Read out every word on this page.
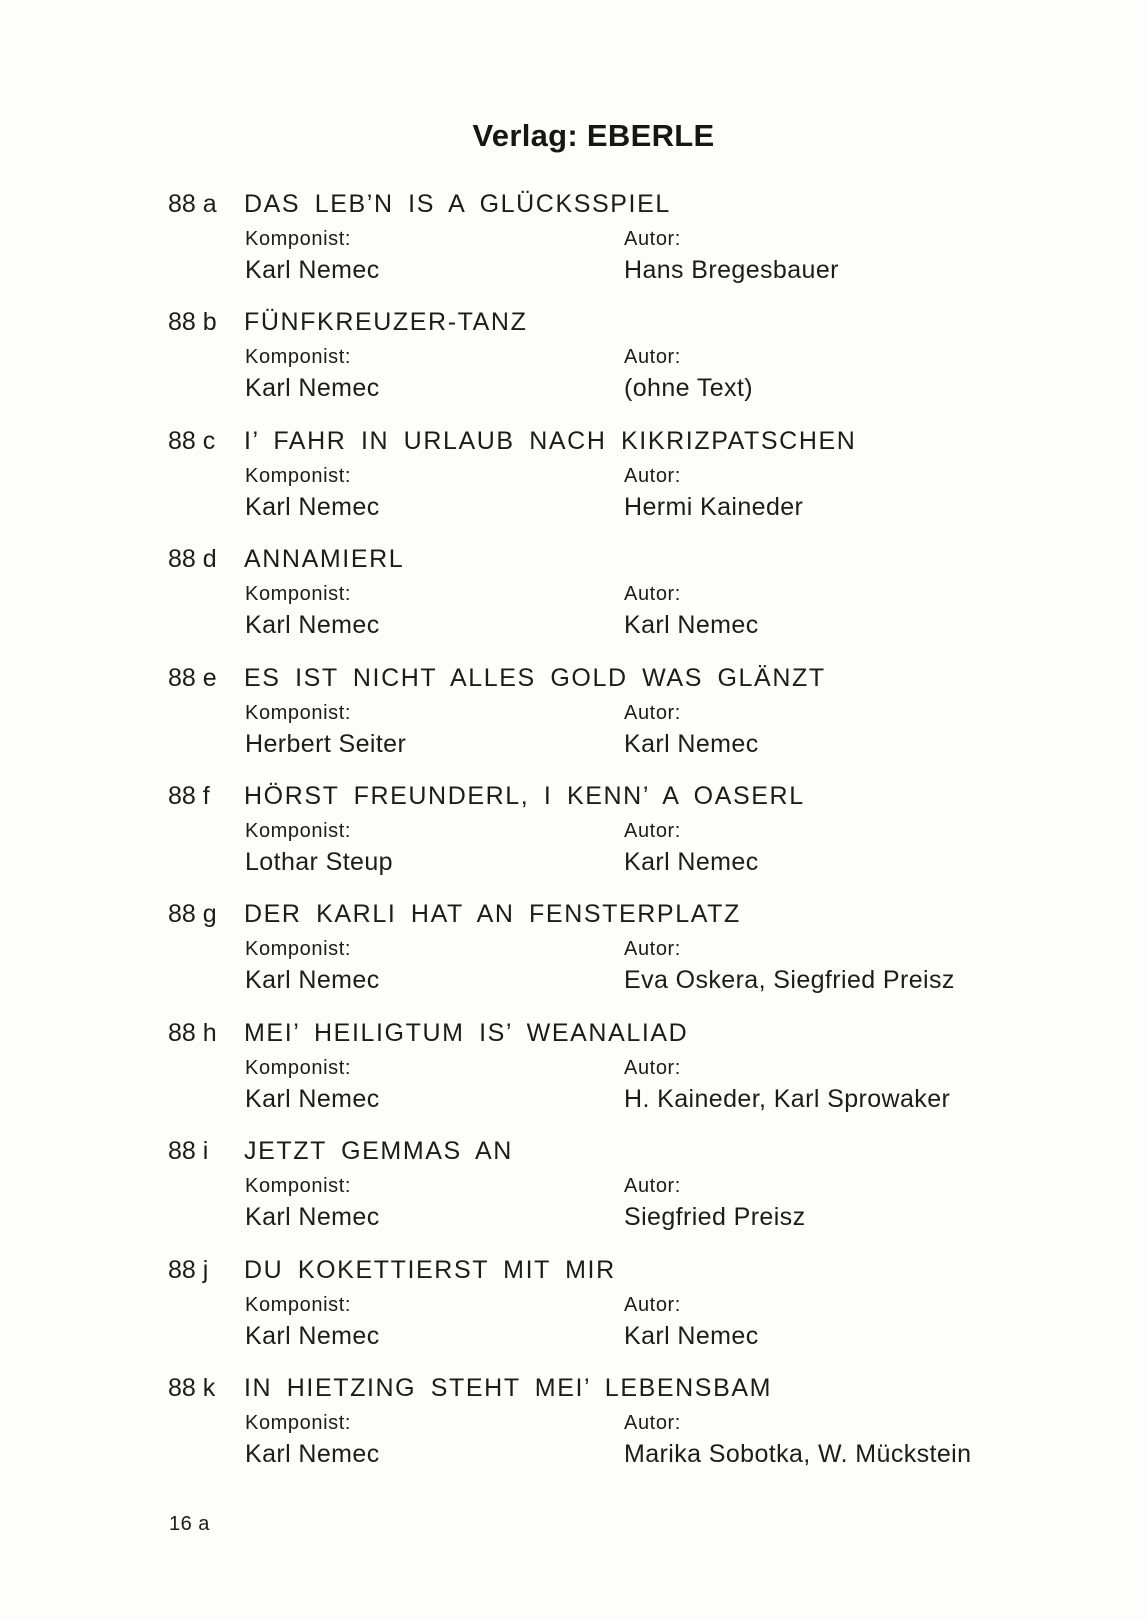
Verlag: EBERLE
88 a DAS LEB’N IS A GLÜCKSSPIEL
Komponist:	Autor:
Karl Nemec	Hans Bregesbauer
88 b FÜNFKREUZER-TANZ
Komponist:	Autor:
Karl Nemec	(ohne Text)
88 c I’ FAHR IN URLAUB NACH KIKRIZPATSCHEN
Komponist:	Autor:
Karl Nemec	Hermi Kaineder
88 d ANNAMIERL
Komponist:	Autor:
Karl Nemec	Karl Nemec
88 e ES IST NICHT ALLES GOLD WAS GLÄNZT
Komponist:	Autor:
Herbert Seiter	Karl Nemec
88 f HÖRST FREUNDERL, I KENN’ A OASERL
Komponist:	Autor:
Lothar Steup	Karl Nemec
88 g DER KARLI HAT AN FENSTERPLATZ
Komponist:	Autor:
Karl Nemec	Eva Oskera, Siegfried Preisz
88 h MEI’ HEILIGTUM IS’ WEANALIAD
Komponist:	Autor:
Karl Nemec	H. Kaineder, Karl Sprowaker
88 i JETZT GEMMAS AN
Komponist:	Autor:
Karl Nemec	Siegfried Preisz
88 j DU KOKETTIERST MIT MIR
Komponist:	Autor:
Karl Nemec	Karl Nemec
88 k IN HIETZING STEHT MEI’ LEBENSBAM
Komponist:	Autor:
Karl Nemec	Marika Sobotka, W. Mückstein
16 a
